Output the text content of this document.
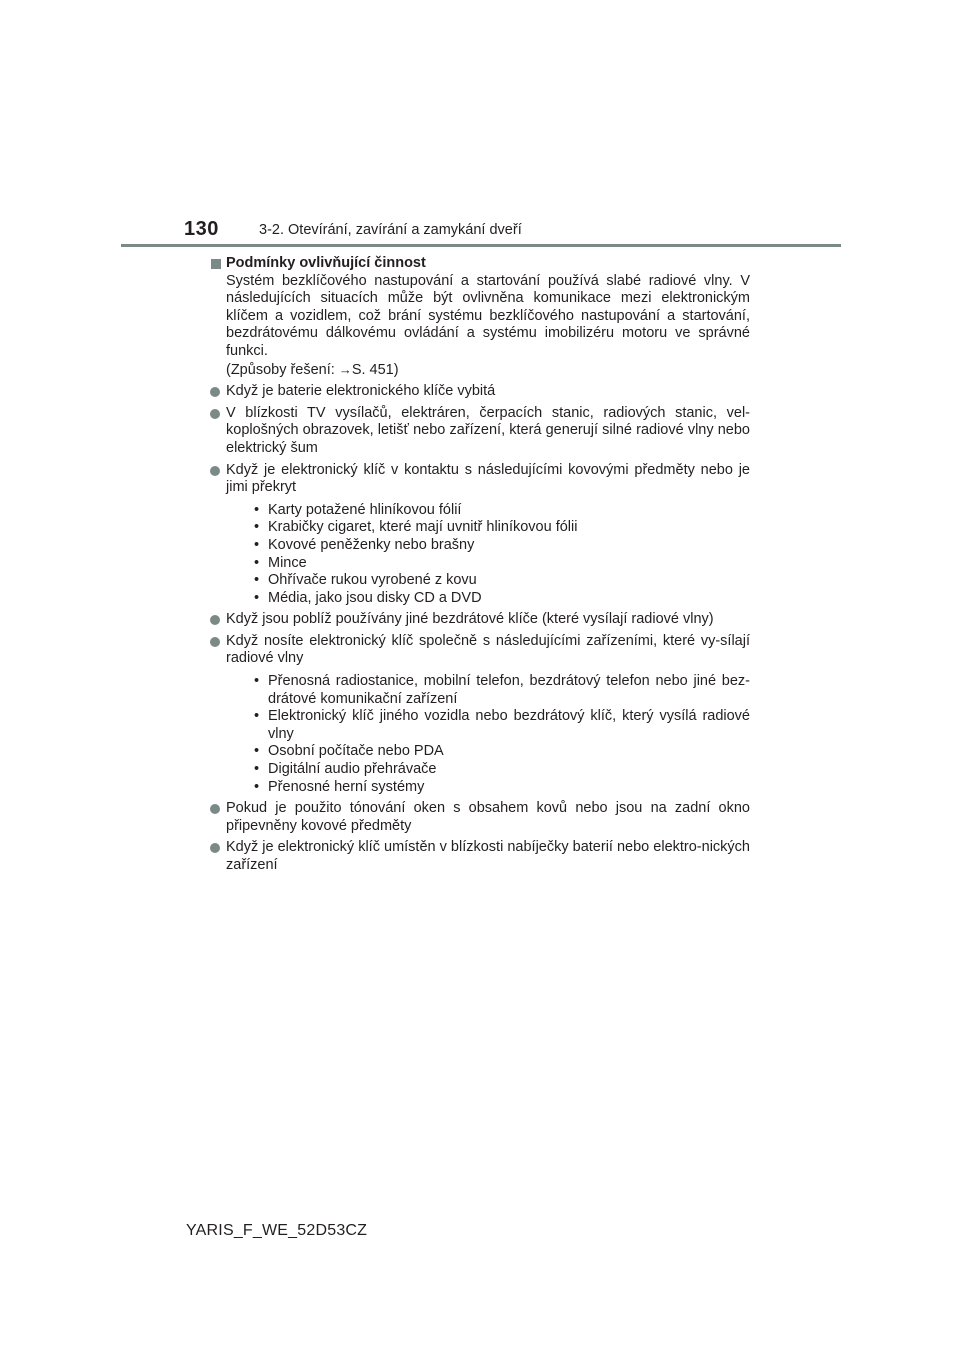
130	3-2. Otevírání, zavírání a zamykání dveří
Podmínky ovlivňující činnost

Systém bezklíčového nastupování a startování používá slabé radiové vlny. V následujících situacích může být ovlivněna komunikace mezi elektronickým klíčem a vozidlem, což brání systému bezklíčového nastupování a startování, bezdrátovému dálkovému ovládání a systému imobilizéru motoru ve správné funkci.
(Způsoby řešení: →S. 451)

Když je baterie elektronického klíče vybitá
V blízkosti TV vysílačů, elektráren, čerpacích stanic, radiových stanic, vel-koplošných obrazovek, letišť nebo zařízení, která generují silné radiové vlny nebo elektrický šum
Když je elektronický klíč v kontaktu s následujícími kovovými předměty nebo je jimi překryt
• Karty potažené hliníkovou fólií
• Krabičky cigaret, které mají uvnitř hliníkovou fólii
• Kovové peněženky nebo brašny
• Mince
• Ohřívače rukou vyrobené z kovu
• Média, jako jsou disky CD a DVD
Když jsou poblíž používány jiné bezdrátové klíče (které vysílají radiové vlny)
Když nosíte elektronický klíč společně s následujícími zařízeními, které vy-sílají radiové vlny
• Přenosná radiostanice, mobilní telefon, bezdrátový telefon nebo jiné bez-drátové komunikační zařízení
• Elektronický klíč jiného vozidla nebo bezdrátový klíč, který vysílá radiové vlny
• Osobní počítače nebo PDA
• Digitální audio přehrávače
• Přenosné herní systémy
Pokud je použito tónování oken s obsahem kovů nebo jsou na zadní okno připevněny kovové předměty
Když je elektronický klíč umístěn v blízkosti nabíječky baterií nebo elektro-nických zařízení
YARIS_F_WE_52D53CZ
